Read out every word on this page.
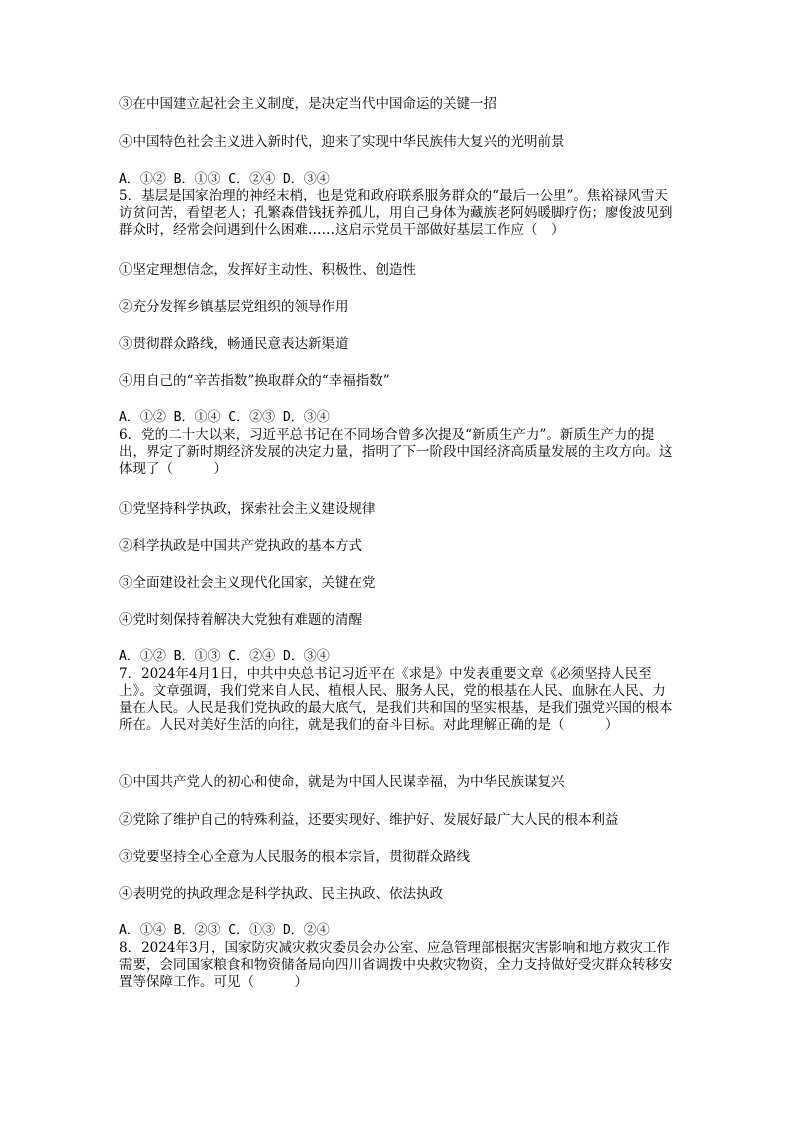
③在中国建立起社会主义制度，是决定当代中国命运的关键一招
④中国特色社会主义进入新时代，迎来了实现中华民族伟大复兴的光明前景
A．①② B．①③ C．②④ D．③④
5．基层是国家治理的神经末梢，也是党和政府联系服务群众的“最后一公里”。焦裕禄风雪天访贫问苦，看望老人；孔繁森借钱抚养孤儿，用自己身体为藏族老阿妈暖脚疗伤；廖俊波见到群众时，经常会问遇到什么困难……这启示党员干部做好基层工作应（　）
①坚定理想信念，发挥好主动性、积极性、创造性
②充分发挥乡镇基层党组织的领导作用
③贯彻群众路线，畅通民意表达新渠道
④用自己的“辛苦指数”换取群众的“幸福指数”
A．①② B．①④ C．②③ D．③④
6．党的二十大以来，习近平总书记在不同场合曾多次提及“新质生产力”。新质生产力的提出，界定了新时期经济发展的决定力量，指明了下一阶段中国经济高质量发展的主攻方向。这体现了（　　　）
①党坚持科学执政，探索社会主义建设规律
②科学执政是中国共产党执政的基本方式
③全面建设社会主义现代化国家，关键在党
④党时刻保持着解决大党独有难题的清醒
A．①② B．①③ C．②④ D．③④
7．2024年4月1日，中共中央总书记习近平在《求是》中发表重要文章《必须坚持人民至上》。文章强调，我们党来自人民、植根人民、服务人民，党的根基在人民、血脉在人民、力量在人民。人民是我们党执政的最大底气，是我们共和国的坚实根基，是我们强党兴国的根本所在。人民对美好生活的向往，就是我们的奋斗目标。对此理解正确的是（　　　）
①中国共产党人的初心和使命，就是为中国人民谋幸福，为中华民族谋复兴
②党除了维护自己的特殊利益，还要实现好、维护好、发展好最广大人民的根本利益
③党要坚持全心全意为人民服务的根本宗旨，贯彻群众路线
④表明党的执政理念是科学执政、民主执政、依法执政
A．①④ B．②③ C．①③ D．②④
8．2024年3月，国家防灾减灾救灾委员会办公室、应急管理部根据灾害影响和地方救灾工作需要，会同国家粮食和物资储备局向四川省调拨中央救灾物资，全力支持做好受灾群众转移安置等保障工作。可见（　　　）
